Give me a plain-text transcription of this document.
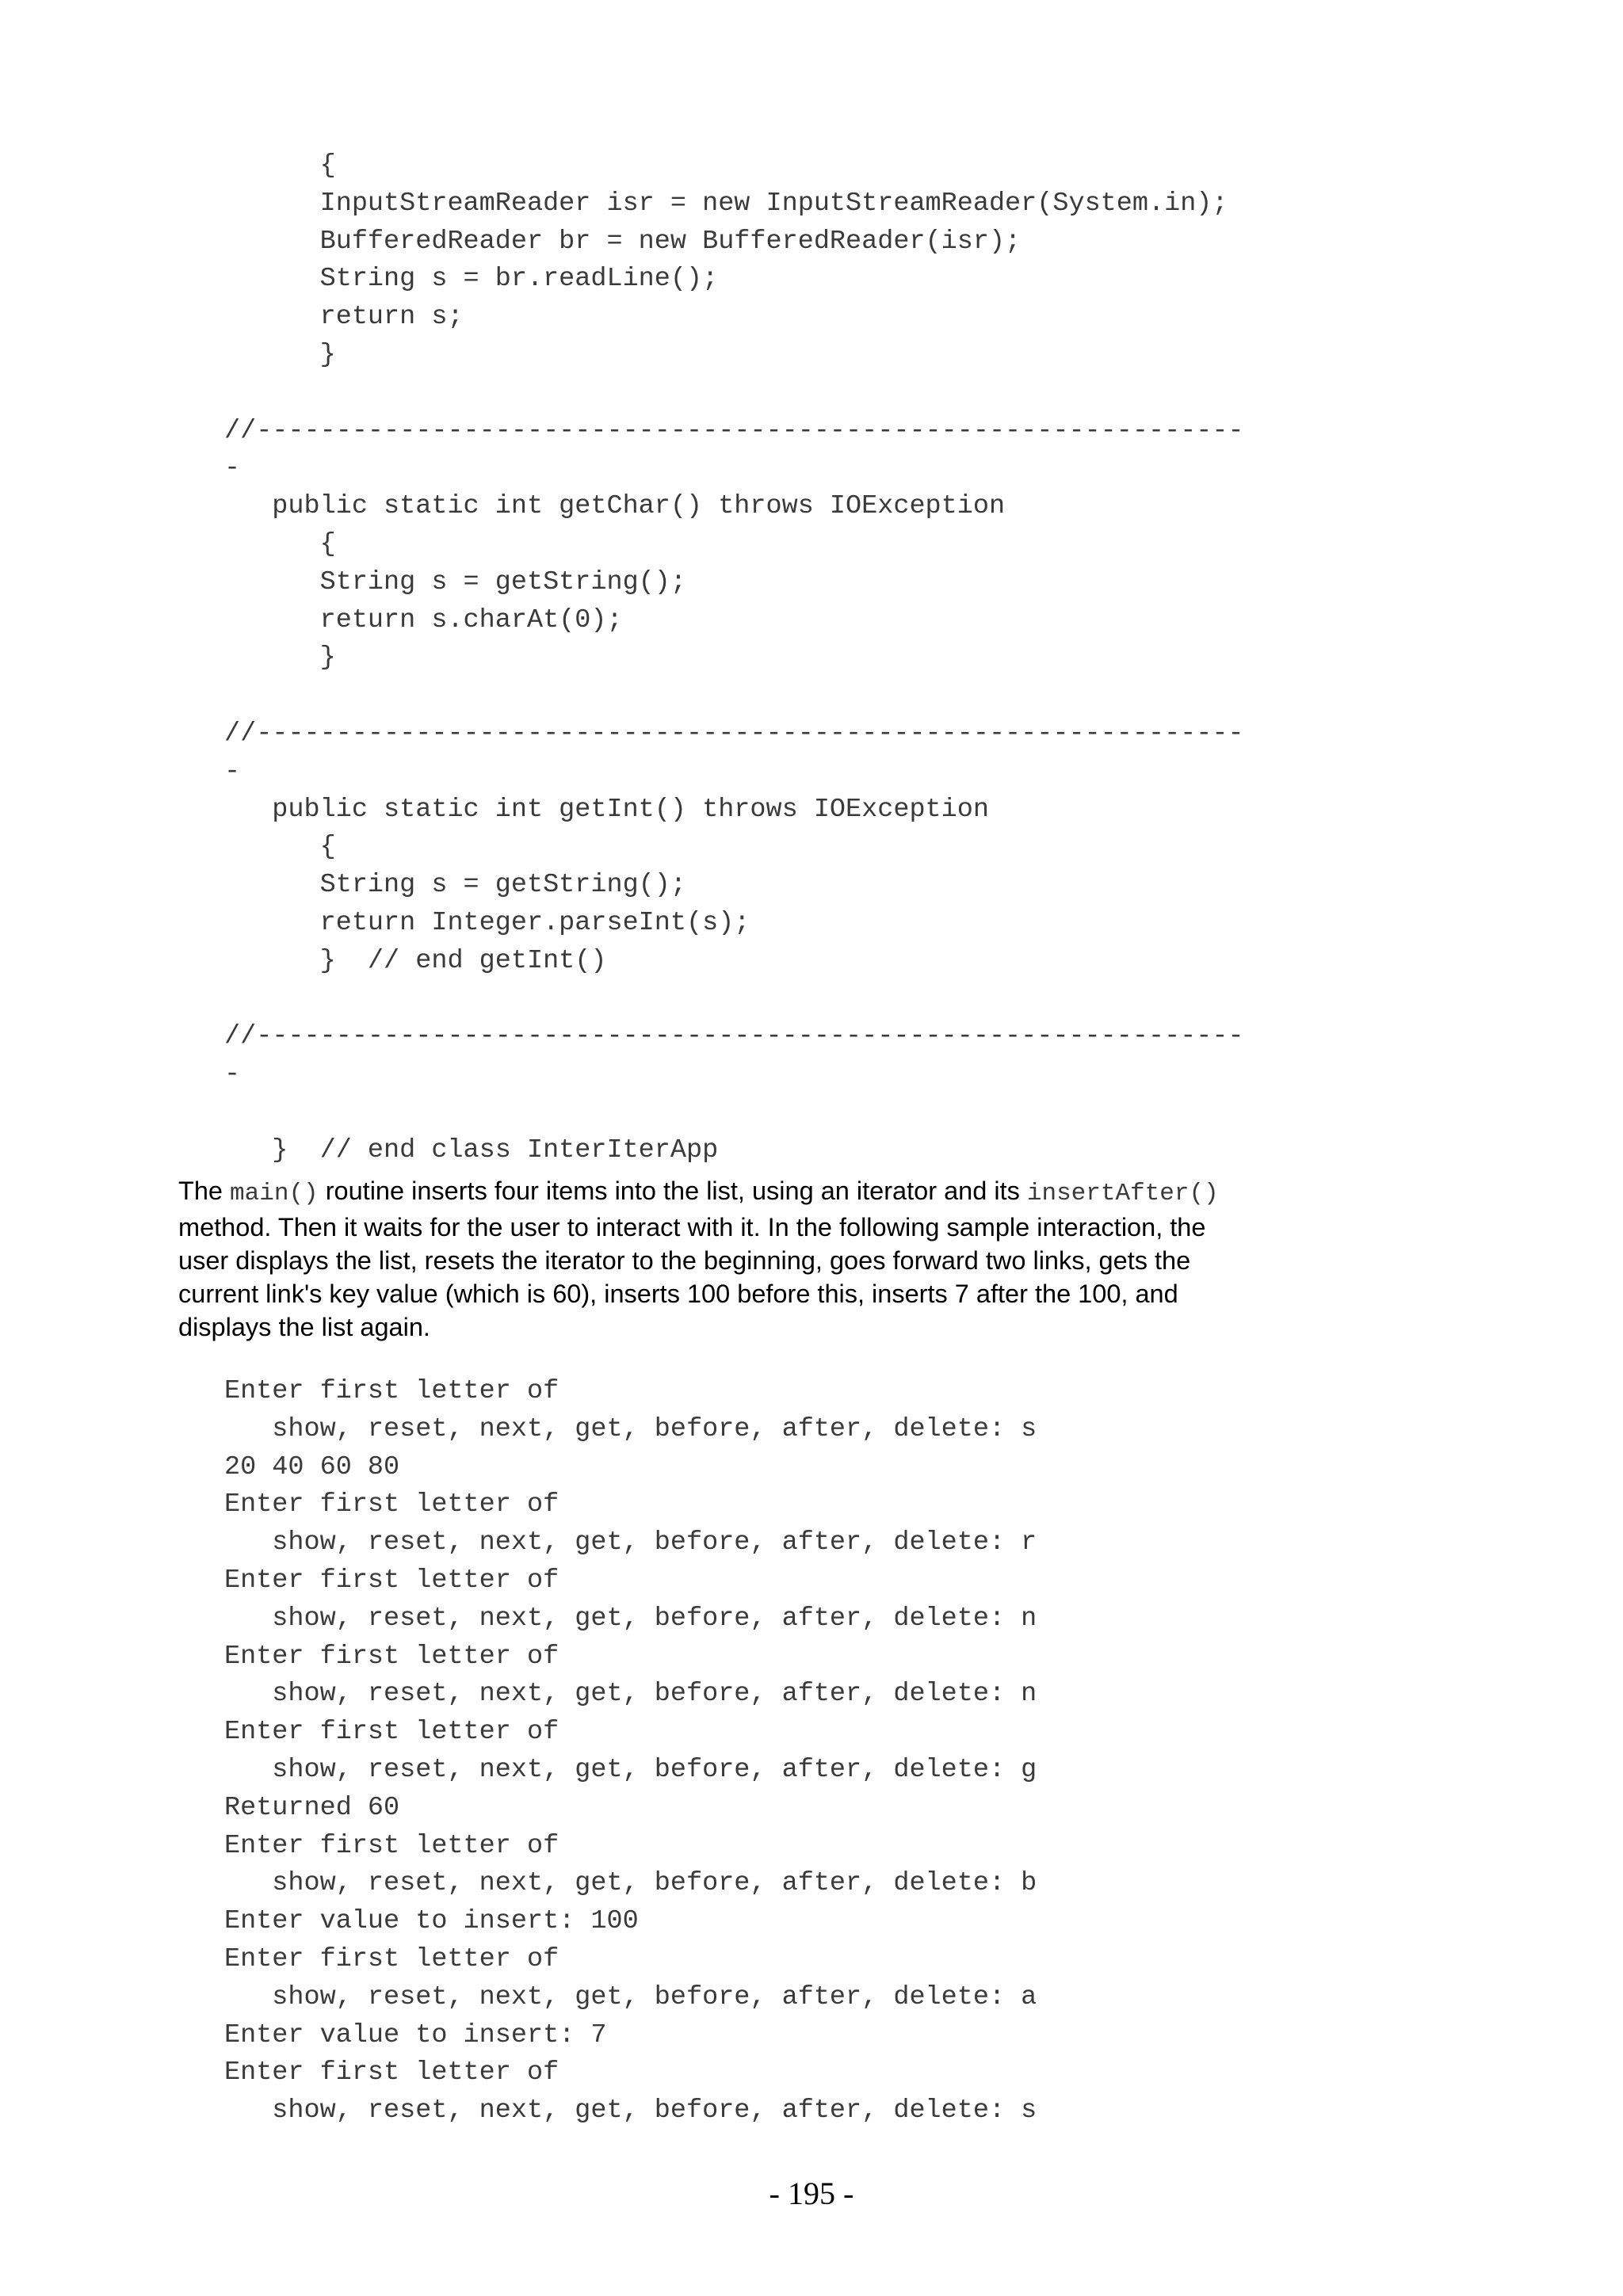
{
InputStreamReader isr = new InputStreamReader(System.in);
BufferedReader br = new BufferedReader(isr);
String s = br.readLine();
return s;
}
//--------------------------------------------------------------
-
public static int getChar() throws IOException
{
String s = getString();
return s.charAt(0);
}
//--------------------------------------------------------------
-
public static int getInt() throws IOException
{
String s = getString();
return Integer.parseInt(s);
}  // end getInt()
//--------------------------------------------------------------
-
}  // end class InterIterApp
The main() routine inserts four items into the list, using an iterator and its insertAfter() method. Then it waits for the user to interact with it. In the following sample interaction, the user displays the list, resets the iterator to the beginning, goes forward two links, gets the current link's key value (which is 60), inserts 100 before this, inserts 7 after the 100, and displays the list again.
Enter first letter of
show, reset, next, get, before, after, delete: s
20 40 60 80
Enter first letter of
show, reset, next, get, before, after, delete: r
Enter first letter of
show, reset, next, get, before, after, delete: n
Enter first letter of
show, reset, next, get, before, after, delete: n
Enter first letter of
show, reset, next, get, before, after, delete: g
Returned 60
Enter first letter of
show, reset, next, get, before, after, delete: b
Enter value to insert: 100
Enter first letter of
show, reset, next, get, before, after, delete: a
Enter value to insert: 7
Enter first letter of
show, reset, next, get, before, after, delete: s
- 195 -
